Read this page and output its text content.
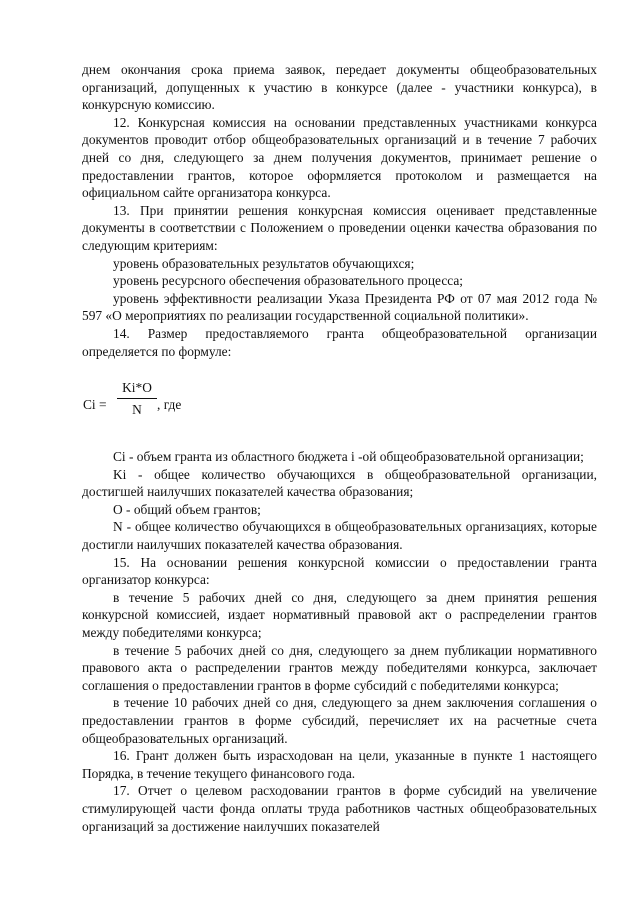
днем окончания срока приема заявок, передает документы общеобразовательных организаций, допущенных к участию в конкурсе (далее - участники конкурса), в конкурсную комиссию.

12. Конкурсная комиссия на основании представленных участниками конкурса документов проводит отбор общеобразовательных организаций и в течение 7 рабочих дней со дня, следующего за днем получения документов, принимает решение о предоставлении грантов, которое оформляется протоколом и размещается на официальном сайте организатора конкурса.

13. При принятии решения конкурсная комиссия оценивает представленные документы в соответствии с Положением о проведении оценки качества образования по следующим критериям:

уровень образовательных результатов обучающихся;

уровень ресурсного обеспечения образовательного процесса;

уровень эффективности реализации Указа Президента РФ от 07 мая 2012 года № 597 «О мероприятиях по реализации государственной социальной политики».

14. Размер предоставляемого гранта общеобразовательной организации определяется по формуле:

Ci =
Ki*O
N	, где

Ci - объем гранта из областного бюджета i -ой общеобразовательной организации;

Ki - общее количество обучающихся в общеобразовательной организации, достигшей наилучших показателей качества образования;

O - общий объем грантов;

N - общее количество обучающихся в общеобразовательных организациях, которые достигли наилучших показателей качества образования.

15. На основании решения конкурсной комиссии о предоставлении гранта организатор конкурса:

в течение 5 рабочих дней со дня, следующего за днем принятия решения конкурсной комиссией, издает нормативный правовой акт о распределении грантов между победителями конкурса;

в течение 5 рабочих дней со дня, следующего за днем публикации нормативного правового акта о распределении грантов между победителями конкурса, заключает соглашения о предоставлении грантов в форме субсидий с победителями конкурса;

в течение 10 рабочих дней со дня, следующего за днем заключения соглашения о предоставлении грантов в форме субсидий, перечисляет их на расчетные счета общеобразовательных организаций.

16. Грант должен быть израсходован на цели, указанные в пункте 1 настоящего Порядка, в течение текущего финансового года.

17. Отчет о целевом расходовании грантов в форме субсидий на увеличение стимулирующей части фонда оплаты труда работников частных общеобразовательных организаций за достижение наилучших показателей
